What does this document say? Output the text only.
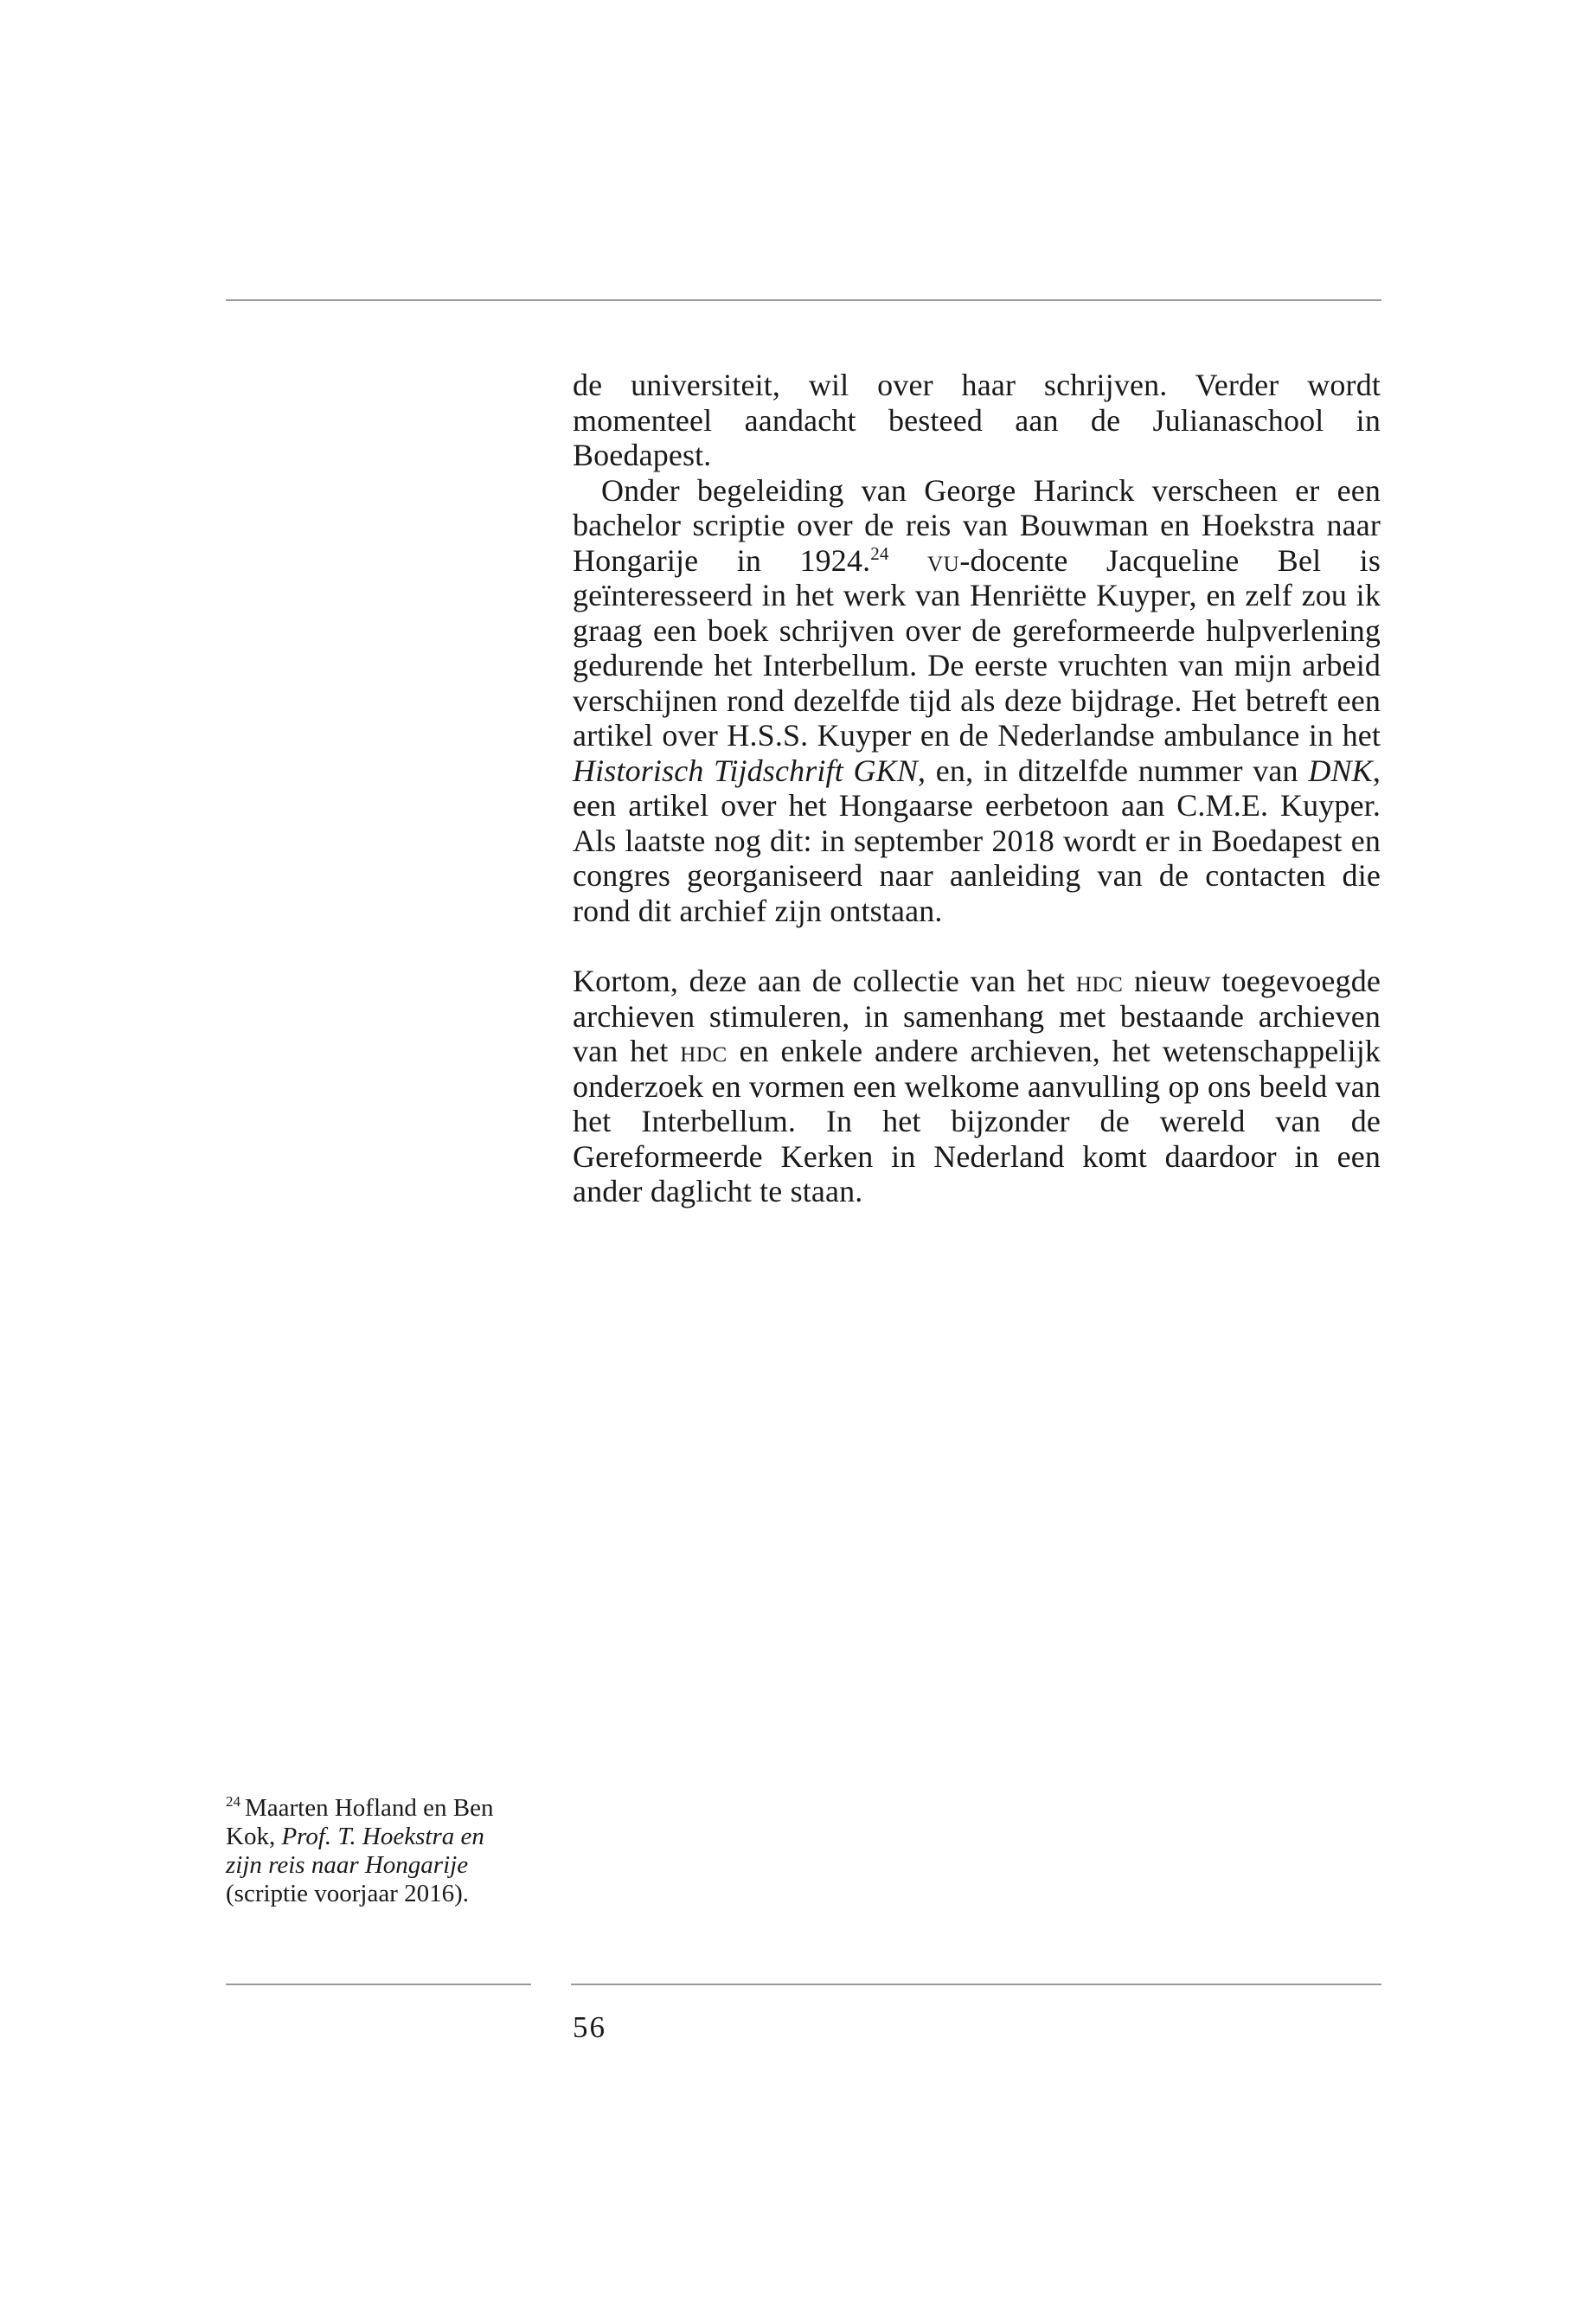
de universiteit, wil over haar schrijven. Verder wordt momenteel aandacht besteed aan de Julianaschool in Boedapest.

Onder begeleiding van George Harinck verscheen er een bachelor scriptie over de reis van Bouwman en Hoekstra naar Hongarije in 1924.24 vu-docente Jacqueline Bel is geïnteresseerd in het werk van Henriëtte Kuyper, en zelf zou ik graag een boek schrijven over de gereformeerde hulpverlening gedurende het Interbellum. De eerste vruchten van mijn arbeid verschijnen rond dezelfde tijd als deze bijdrage. Het betreft een artikel over H.S.S. Kuyper en de Nederlandse ambulance in het Historisch Tijdschrift GKN, en, in ditzelfde nummer van DNK, een artikel over het Hongaarse eerbetoon aan C.M.E. Kuyper. Als laatste nog dit: in september 2018 wordt er in Boedapest en congres georganiseerd naar aanleiding van de contacten die rond dit archief zijn ontstaan.

Kortom, deze aan de collectie van het hdc nieuw toegevoegde archieven stimuleren, in samenhang met bestaande archieven van het hdc en enkele andere archieven, het wetenschappelijk onderzoek en vormen een welkome aanvulling op ons beeld van het Interbellum. In het bijzonder de wereld van de Gereformeerde Kerken in Nederland komt daardoor in een ander daglicht te staan.

$^{24}$ Maarten Hofland en Ben Kok, Prof. T. Hoekstra en zijn reis naar Hongarije (scriptie voorjaar 2016).
56
